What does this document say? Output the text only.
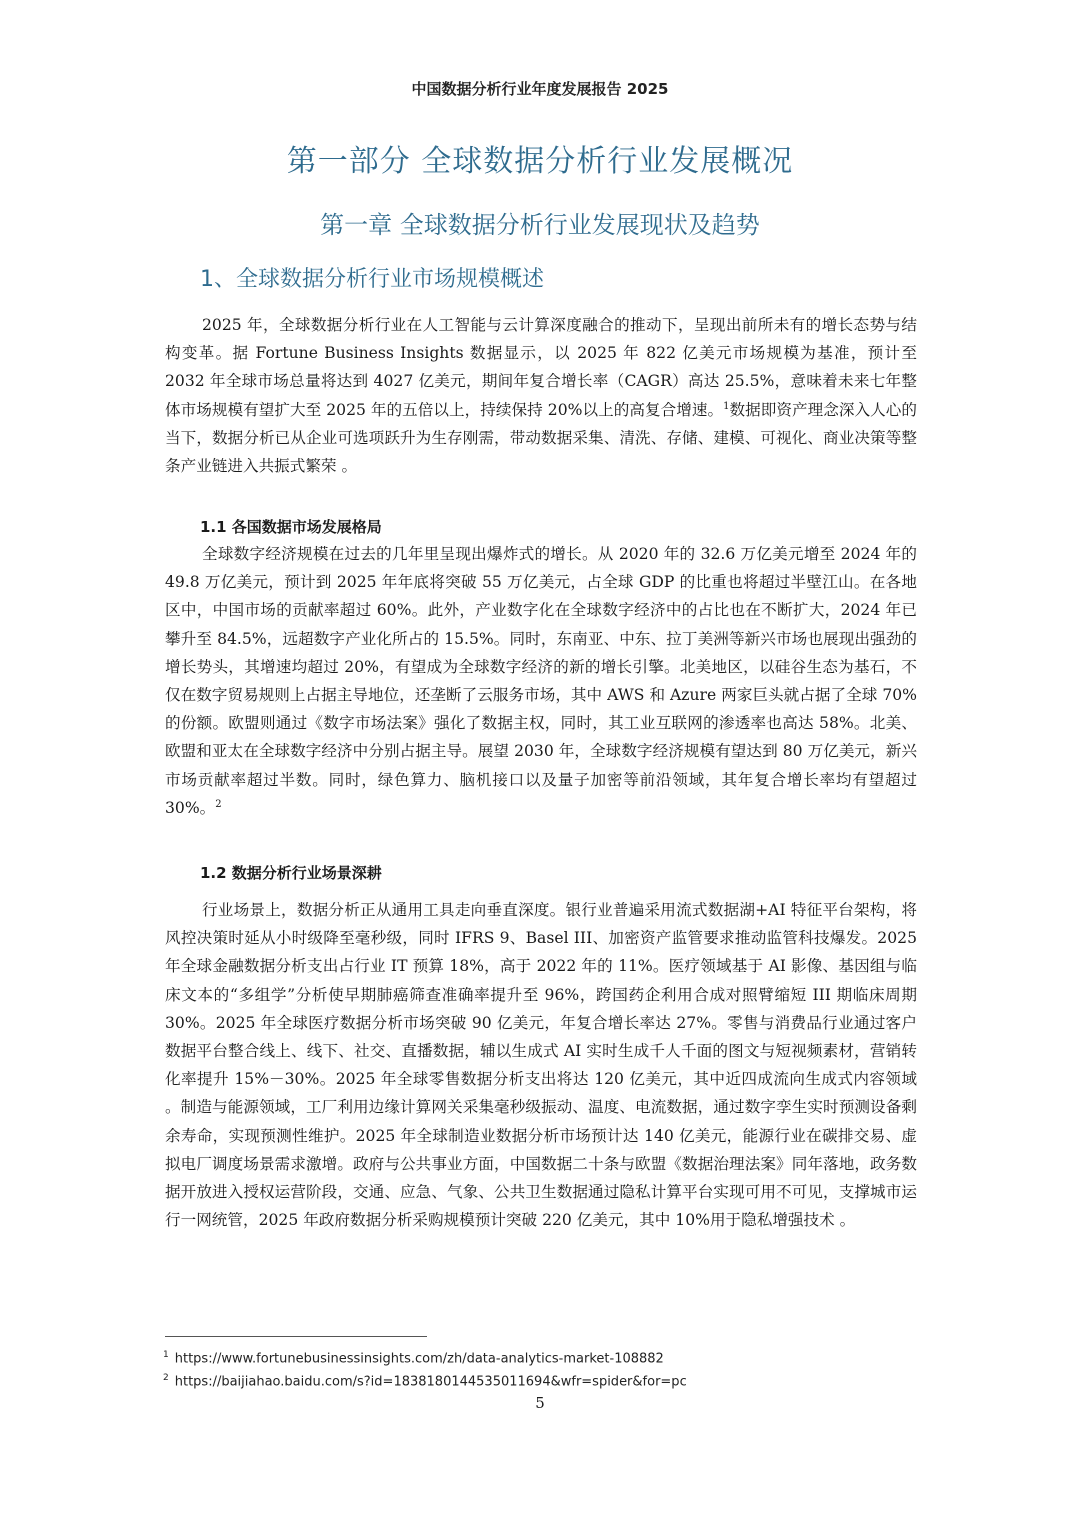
中国数据分析行业年度发展报告 2025
第一部分 全球数据分析行业发展概况
第一章 全球数据分析行业发展现状及趋势
1、全球数据分析行业市场规模概述

2025 年，全球数据分析行业在人工智能与云计算深度融合的推动下，呈现出前所未有的增长态势与结构变革。据 Fortune Business Insights 数据显示，以 2025 年 822 亿美元市场规模为基准，预计至 2032 年全球市场总量将达到 4027 亿美元，期间年复合增长率（CAGR）高达 25.5%，意味着未来七年整体市场规模有望扩大至 2025 年的五倍以上，持续保持 20%以上的高复合增速。$^1$数据即资产理念深入人心的当下，数据分析已从企业可选项跃升为生存刚需，带动数据采集、清洗、存储、建模、可视化、商业决策等整条产业链进入共振式繁荣 。

1.1 各国数据市场发展格局

全球数字经济规模在过去的几年里呈现出爆炸式的增长。从 2020 年的 32.6 万亿美元增至 2024 年的 49.8 万亿美元，预计到 2025 年年底将突破 55 万亿美元，占全球 GDP 的比重也将超过半壁江山。在各地区中，中国市场的贡献率超过 60%。此外，产业数字化在全球数字经济中的占比也在不断扩大，2024 年已攀升至 84.5%，远超数字产业化所占的 15.5%。同时，东南亚、中东、拉丁美洲等新兴市场也展现出强劲的增长势头，其增速均超过 20%，有望成为全球数字经济的新的增长引擎。北美地区，以硅谷生态为基石，不仅在数字贸易规则上占据主导地位，还垄断了云服务市场，其中 AWS 和 Azure 两家巨头就占据了全球 70%的份额。欧盟则通过《数字市场法案》强化了数据主权，同时，其工业互联网的渗透率也高达 58%。北美、欧盟和亚太在全球数字经济中分别占据主导。展望 2030 年，全球数字经济规模有望达到 80 万亿美元，新兴市场贡献率超过半数。同时，绿色算力、脑机接口以及量子加密等前沿领域，其年复合增长率均有望超过 30%。$^2$

1.2 数据分析行业场景深耕

行业场景上，数据分析正从通用工具走向垂直深度。银行业普遍采用流式数据湖+AI 特征平台架构，将风控决策时延从小时级降至毫秒级，同时 IFRS 9、Basel III、加密资产监管要求推动监管科技爆发。2025 年全球金融数据分析支出占行业 IT 预算 18%，高于 2022 年的 11%。医疗领域基于 AI 影像、基因组与临床文本的“多组学”分析使早期肺癌筛查准确率提升至 96%，跨国药企利用合成对照臂缩短 III 期临床周期 30%。2025 年全球医疗数据分析市场突破 90 亿美元，年复合增长率达 27%。零售与消费品行业通过客户数据平台整合线上、线下、社交、直播数据，辅以生成式 AI 实时生成千人千面的图文与短视频素材，营销转化率提升 15%－30%。2025 年全球零售数据分析支出将达 120 亿美元，其中近四成流向生成式内容领域 。制造与能源领域，工厂利用边缘计算网关采集毫秒级振动、温度、电流数据，通过数字孪生实时预测设备剩余寿命，实现预测性维护。2025 年全球制造业数据分析市场预计达 140 亿美元，能源行业在碳排交易、虚拟电厂调度场景需求激增。政府与公共事业方面，中国数据二十条与欧盟《数据治理法案》同年落地，政务数据开放进入授权运营阶段，交通、应急、气象、公共卫生数据通过隐私计算平台实现可用不可见，支撑城市运行一网统管，2025 年政府数据分析采购规模预计突破 220 亿美元，其中 10%用于隐私增强技术 。

$^1$ https://www.fortunebusinessinsights.com/zh/data-analytics-market-108882
$^2$ https://baijiahao.baidu.com/s?id=1838180144535011694&wfr=spider&for=pc
5
